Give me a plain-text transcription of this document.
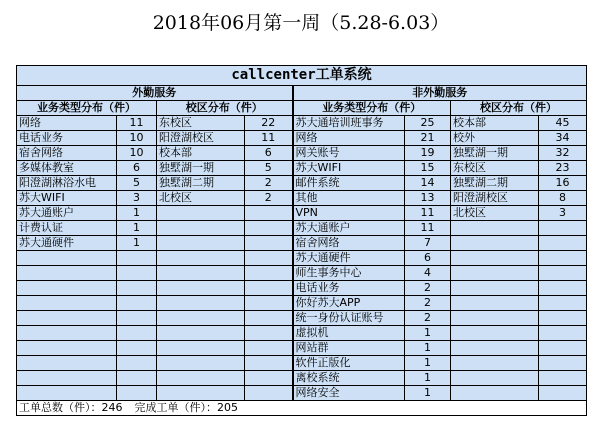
2018年06月第一周（5.28-6.03）
callcenter工单系统							
外勤服务				非外勤服务			
业务类型分布（件）		校区分布（件）		业务类型分布（件）		校区分布（件）	
网络	11	东校区	22	苏大通培训班事务	25	校本部	45
电话业务	10	阳澄湖校区	11	网络	21	校外	34
宿舍网络	10	校本部	6	网关账号	19	独墅湖一期	32
多媒体教室	6	独墅湖一期	5	苏大WIFI	15	东校区	23
阳澄湖淋浴水电	5	独墅湖二期	2	邮件系统	14	独墅湖二期	16
苏大WIFI	3	北校区	2	其他	13	阳澄湖校区	8
苏大通账户	1			VPN	11	北校区	3
计费认证	1			苏大通账户	11		
苏大通硬件	1			宿舍网络	7		
				苏大通硬件	6		
				师生事务中心	4		
				电话业务	2		
				你好苏大APP	2		
				统一身份认证账号	2		
				虚拟机	1		
				网站群	1		
				软件正版化	1		
				离校系统	1		
				网络安全	1		
工单总数（件）：246 完成工单（件）：205							
